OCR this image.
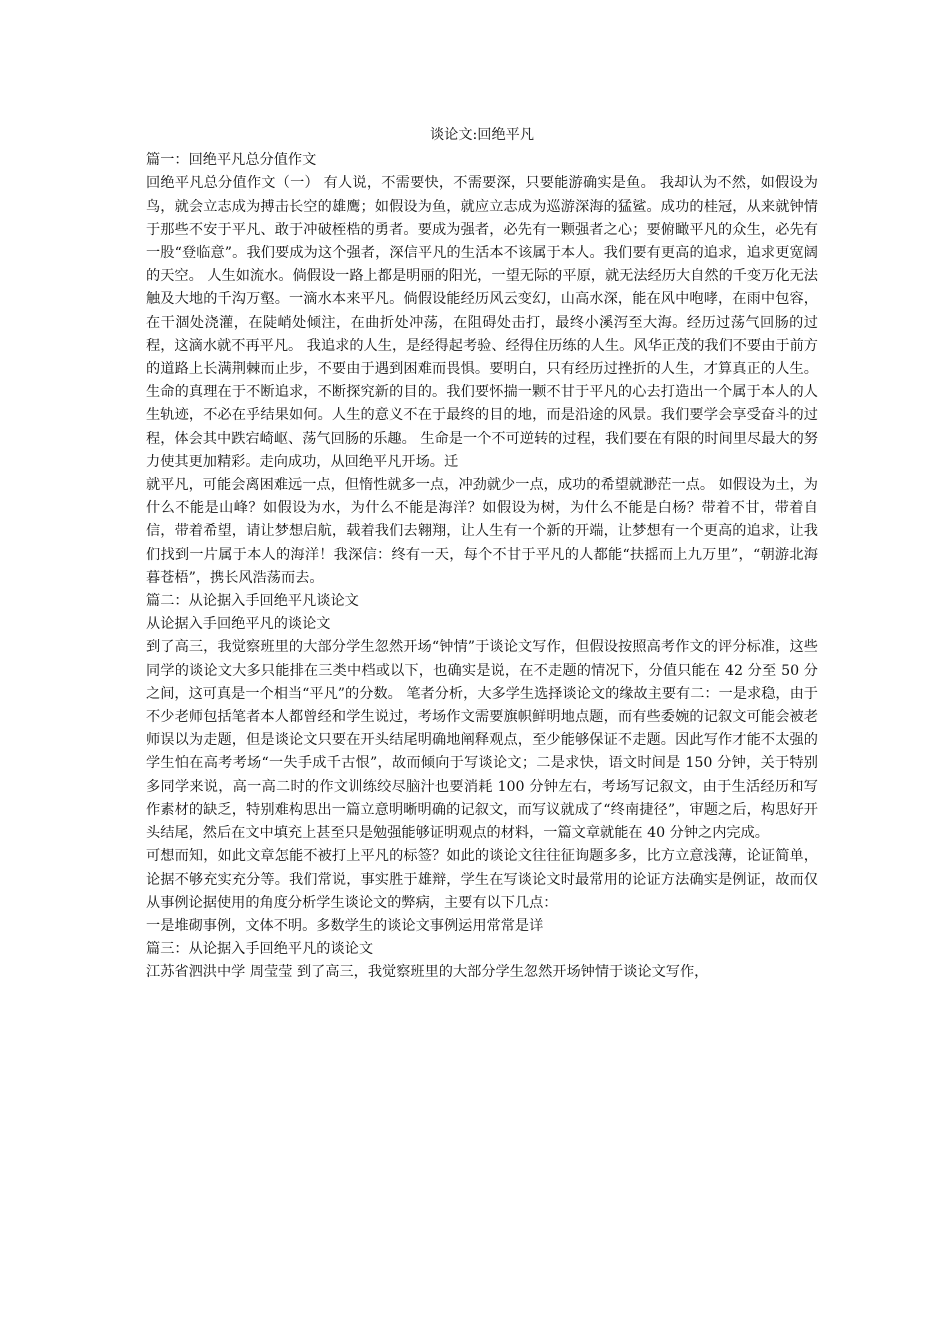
谈论文:回绝平凡

篇一：回绝平凡总分值作文

回绝平凡总分值作文（一） 有人说，不需要快，不需要深，只要能游确实是鱼。 我却认为不然，如假设为鸟，就会立志成为搏击长空的雄鹰；如假设为鱼，就应立志成为巡游深海的猛鲨。成功的桂冠，从来就钟情于那些不安于平凡、敢于冲破桎梏的勇者。要成为强者，必先有一颗强者之心；要俯瞰平凡的众生，必先有一股“登临意”。我们要成为这个强者，深信平凡的生活本不该属于本人。我们要有更高的追求，追求更宽阔的天空。 人生如流水。倘假设一路上都是明丽的阳光，一望无际的平原，就无法经历大自然的千变万化无法触及大地的千沟万壑。一滴水本来平凡。倘假设能经历风云变幻，山高水深，能在风中咆哮，在雨中包容，在干涸处浇灌，在陡峭处倾注，在曲折处冲荡，在阻碍处击打，最终小溪泻至大海。经历过荡气回肠的过程，这滴水就不再平凡。 我追求的人生，是经得起考验、经得住历练的人生。风华正茂的我们不要由于前方的道路上长满荆棘而止步，不要由于遇到困难而畏惧。要明白，只有经历过挫折的人生，才算真正的人生。 生命的真理在于不断追求，不断探究新的目的。我们要怀揣一颗不甘于平凡的心去打造出一个属于本人的人生轨迹，不必在乎结果如何。人生的意义不在于最终的目的地，而是沿途的风景。我们要学会享受奋斗的过程，体会其中跌宕崎岖、荡气回肠的乐趣。 生命是一个不可逆转的过程，我们要在有限的时间里尽最大的努力使其更加精彩。走向成功，从回绝平凡开场。迁

就平凡，可能会离困难远一点，但惰性就多一点，冲劲就少一点，成功的希望就渺茫一点。 如假设为土，为什么不能是山峰？如假设为水，为什么不能是海洋？如假设为树，为什么不能是白杨？带着不甘，带着自信，带着希望，请让梦想启航，载着我们去翱翔，让人生有一个新的开端，让梦想有一个更高的追求，让我们找到一片属于本人的海洋！我深信：终有一天，每个不甘于平凡的人都能“扶摇而上九万里”，“朝游北海暮苍梧”，携长风浩荡而去。

篇二：从论据入手回绝平凡谈论文

从论据入手回绝平凡的谈论文

到了高三，我觉察班里的大部分学生忽然开场“钟情”于谈论文写作，但假设按照高考作文的评分标准，这些同学的谈论文大多只能排在三类中档或以下，也确实是说，在不走题的情况下，分值只能在 42 分至 50 分之间，这可真是一个相当“平凡”的分数。 笔者分析，大多学生选择谈论文的缘故主要有二：一是求稳，由于不少老师包括笔者本人都曾经和学生说过，考场作文需要旗帜鲜明地点题，而有些委婉的记叙文可能会被老师误以为走题，但是谈论文只要在开头结尾明确地阐释观点，至少能够保证不走题。因此写作才能不太强的学生怕在高考考场“一失手成千古恨”，故而倾向于写谈论文；二是求快，语文时间是 150 分钟，关于特别多同学来说，高一高二时的作文训练绞尽脑汁也要消耗 100 分钟左右，考场写记叙文，由于生活经历和写作素材的缺乏，特别难构思出一篇立意明晰明确的记叙文，而写议就成了“终南捷径”，审题之后，构思好开头结尾，然后在文中填充上甚至只是勉强能够证明观点的材料，一篇文章就能在 40 分钟之内完成。

可想而知，如此文章怎能不被打上平凡的标签？如此的谈论文往往征询题多多，比方立意浅薄，论证简单，论据不够充实充分等。我们常说，事实胜于雄辩，学生在写谈论文时最常用的论证方法确实是例证，故而仅从事例论据使用的角度分析学生谈论文的弊病，主要有以下几点：

一是堆砌事例，文体不明。多数学生的谈论文事例运用常常是详

篇三：从论据入手回绝平凡的谈论文

江苏省泗洪中学 周莹莹 到了高三，我觉察班里的大部分学生忽然开场钟情于谈论文写作，
